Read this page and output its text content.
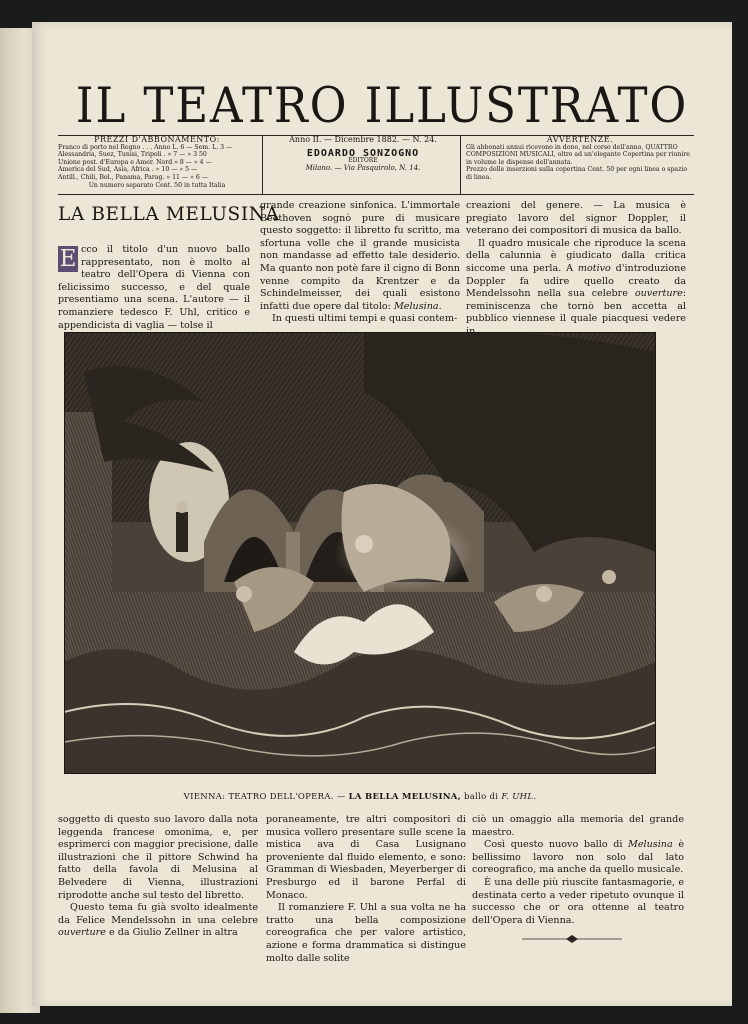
IL TEATRO ILLUSTRATO
PREZZI D'ABBONAMENTO:
Franco di porto nel Regno . . . Anno L. 6 — Sem. L. 3 —
Alessandria, Suez, Tunisi, Tripoli . » 7 — » 3 50
Unione post. d'Europa e Amer. Nord » 8 — » 4 —
America del Sud, Asia, Africa . » 10 — » 5 —
Antill., Chili, Bol., Panama, Parag. » 11 — » 6 —
Un numero separato Cent. 50 in tutta Italia
Anno II. — Dicembre 1882. — N. 24.
EDOARDO SONZOGNO
EDITORE
Milano. — Via Pasquirolo, N. 14.
AVVERTENZE.
Gli abbonati annui ricevono in dono, nel corso dell'anno, QUATTRO COMPOSIZIONI MUSICALI, oltre ad un'elegante Copertina per riunire in volume le dispense dell'annata.
Prezzo delle inserzioni sulla copertina Cent. 50 per ogni linea o spazio di linea.
LA BELLA MELUSINA
E cco il titolo d'un nuovo ballo rappresentato, non è molto al teatro dell'Opera di Vienna con felicissimo successo, e del quale presentiamo una scena. L'autore — il romanziere tedesco F. Uhl, critico e appendicista di vaglia — tolse il

grande creazione sinfonica. L'immortale Beethoven sognò pure di musicare questo soggetto: il libretto fu scritto, ma sfortuna volle che il grande musicista non mandasse ad effetto tale desiderio. Ma quanto non potè fare il cigno di Bonn venne compito da Krentzer e da Schindelmeisser, dei quali esistono infatti due opere dal titolo: Melusina.

In questi ultimi tempi e quasi contem-

creazioni del genere. — La musica è pregiato lavoro del signor Doppler, il veterano dei compositori di musica da ballo.

Il quadro musicale che riproduce la scena della calunnia è giudicato dalla critica siccome una perla. A motivo d'introduzione Doppler fa udire quello creato da Mendelssohn nella sua celebre ouverture: reminiscenza che tornò ben accetta al pubblico viennese il quale piacquesi vedere

VIENNA: TEATRO DELL'OPERA. — LA BELLA MELUSINA, ballo di F. UHL.

soggetto di questo suo lavoro dalla nota leggenda francese omonima, e, per esprimerci con maggior precisione, dalle illustrazioni che il pittore Schwind ha fatto della favola di Melusina al Belvedere di Vienna, illustrazioni riprodotte anche sul testo del libretto.

Questo tema fu già svolto idealmente da Felice Mendelssohn in una celebre ouverture e da Giulio Zellner in altra

poraneamente, tre altri compositori di musica vollero presentare sulle scene la mistica ava di Casa Lusignano proveniente dal fluido elemento, e sono: Gramman di Wiesbaden, Meyerberger di Presburgo ed il barone Perfal di Monaco.

Il romanziere F. Uhl a sua volta ne ha tratto una bella composizione coreografica che per valore artistico, azione e forma drammatica si distingue molto dalle solite

ciò un omaggio alla memoria del grande maestro.

Così questo nuovo ballo di Melusina è bellissimo lavoro non solo dal lato coreografico, ma anche da quello musicale.

È una delle più riuscite fantasmagorie, e destinata certo a veder ripetuto ovunque il successo che or ora ottenne al teatro dell'Opera di Vienna.
